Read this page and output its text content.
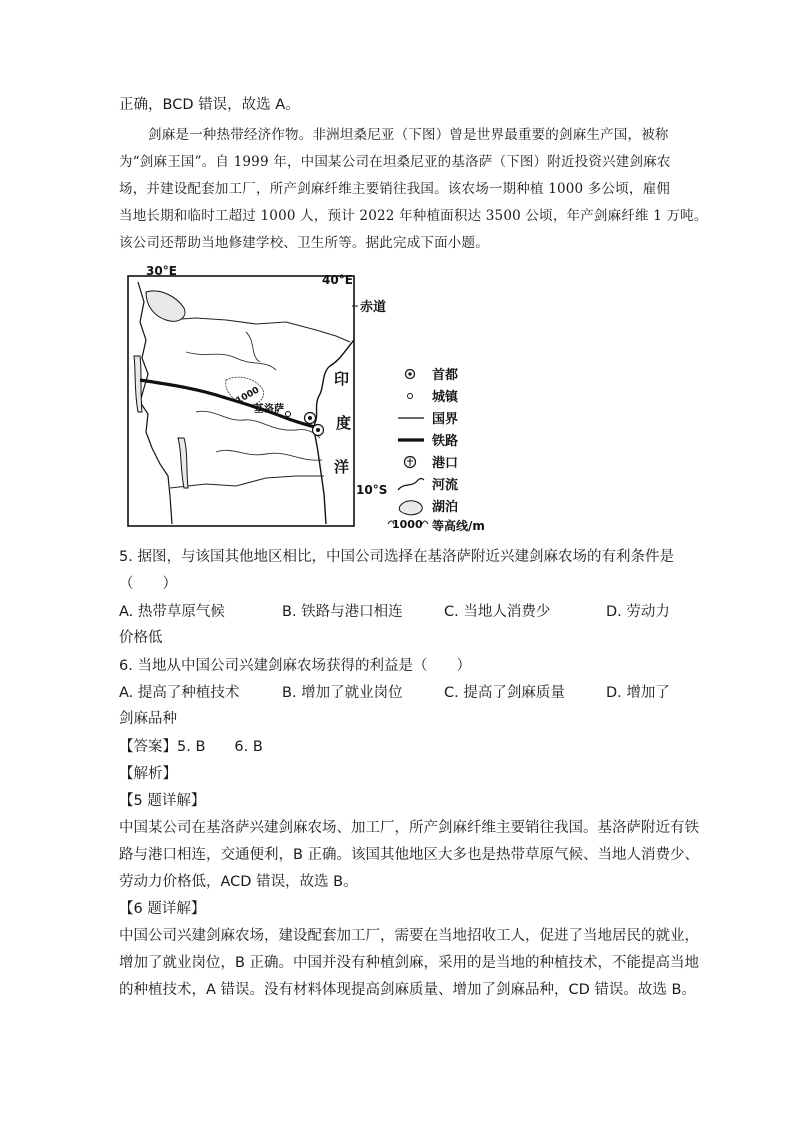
正确，BCD 错误，故选 A。
剑麻是一种热带经济作物。非洲坦桑尼亚（下图）曾是世界最重要的剑麻生产国，被称
为“剑麻王国”。自 1999 年，中国某公司在坦桑尼亚的基洛萨（下图）附近投资兴建剑麻农
场，并建设配套加工厂，所产剑麻纤维主要销往我国。该农场一期种植 1000 多公顷，雇佣
当地长期和临时工超过 1000 人，预计 2022 年种植面积达 3500 公顷，年产剑麻纤维 1 万吨。
该公司还帮助当地修建学校、卫生所等。据此完成下面小题。
30°E
40°E
赤道
10°S
1000
基洛萨
印
度
洋
首都
城镇
国界
铁路
港口
河流
湖泊
1000 等高线/m
5. 据图，与该国其他地区相比，中国公司选择在基洛萨附近兴建剑麻农场的有利条件是
（　　）
A. 热带草原气候	B. 铁路与港口相连	C. 当地人消费少	D. 劳动力
价格低
6. 当地从中国公司兴建剑麻农场获得的利益是（　　）
A. 提高了种植技术	B. 增加了就业岗位	C. 提高了剑麻质量	D. 增加了
剑麻品种
【答案】5. B　　6. B
【解析】
【5 题详解】
中国某公司在基洛萨兴建剑麻农场、加工厂，所产剑麻纤维主要销往我国。基洛萨附近有铁
路与港口相连，交通便利，B 正确。该国其他地区大多也是热带草原气候、当地人消费少、
劳动力价格低，ACD 错误，故选 B。
【6 题详解】
中国公司兴建剑麻农场，建设配套加工厂，需要在当地招收工人，促进了当地居民的就业，
增加了就业岗位，B 正确。中国并没有种植剑麻，采用的是当地的种植技术，不能提高当地
的种植技术，A 错误。没有材料体现提高剑麻质量、增加了剑麻品种，CD 错误。故选 B。
